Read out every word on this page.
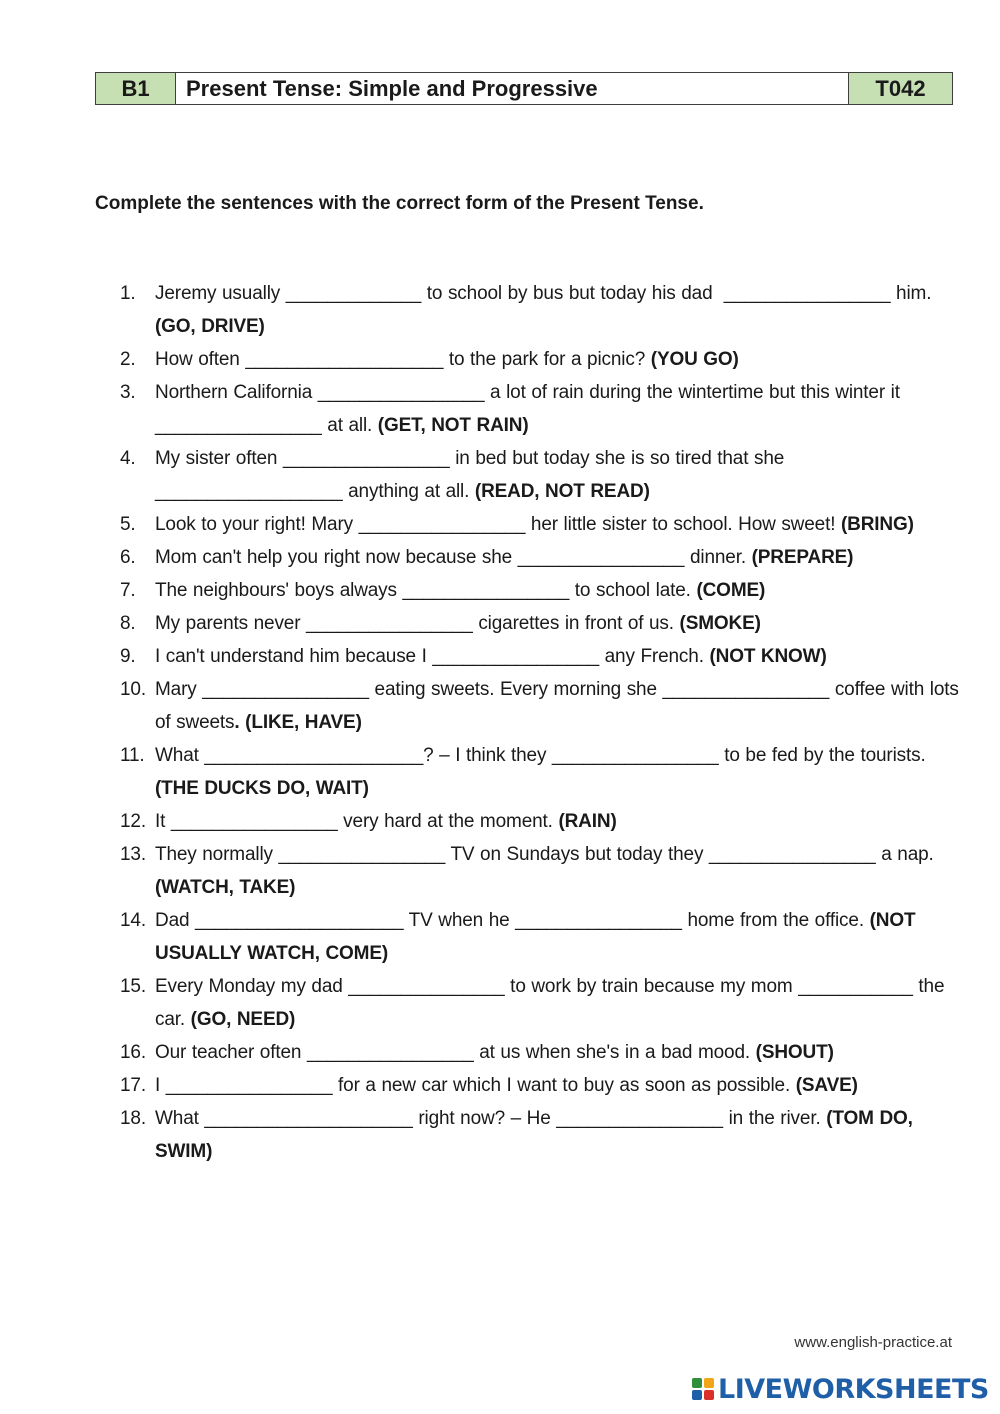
B1	Present Tense: Simple and Progressive	T042

Complete the sentences with the correct form of the Present Tense.

1.	Jeremy usually _____________ to school by bus but today his dad  ________________ him. (GO, DRIVE)
2.	How often ___________________ to the park for a picnic? (YOU GO)
3.	Northern California ________________ a lot of rain during the wintertime but this winter it ________________ at all. (GET, NOT RAIN)
4.	My sister often ________________ in bed but today she is so tired that she __________________ anything at all. (READ, NOT READ)
5.	Look to your right! Mary ________________ her little sister to school. How sweet! (BRING)
6.	Mom can't help you right now because she ________________ dinner. (PREPARE)
7.	The neighbours' boys always ________________ to school late. (COME)
8.	My parents never ________________ cigarettes in front of us. (SMOKE)
9.	I can't understand him because I ________________ any French. (NOT KNOW)
10. Mary ________________ eating sweets. Every morning she ________________ coffee with lots of sweets. (LIKE, HAVE)
11. What _____________________? – I think they ________________ to be fed by the tourists. (THE DUCKS DO, WAIT)
12. It ________________ very hard at the moment. (RAIN)
13. They normally ________________ TV on Sundays but today they ________________ a nap. (WATCH, TAKE)
14. Dad ____________________ TV when he ________________ home from the office. (NOT USUALLY WATCH, COME)
15. Every Monday my dad _______________ to work by train because my mom ___________ the car. (GO, NEED)
16. Our teacher often ________________ at us when she's in a bad mood. (SHOUT)
17. I ________________ for a new car which I want to buy as soon as possible. (SAVE)
18. What ____________________ right now? – He ________________ in the river. (TOM DO, SWIM)
www.english-practice.at
LIVEWORKSHEETS
